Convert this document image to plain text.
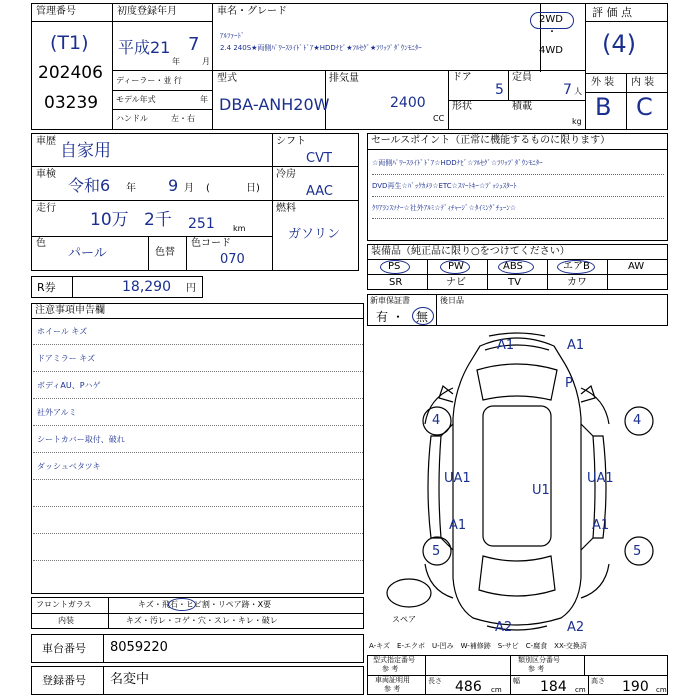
管理番号
(T1)
202406
03239
初度登録年月
平成21
年
7
月
車名・グレード
ｱﾙﾌｧｰﾄﾞ
2.4 240S★両側ﾊﾟﾜｰｽﾗｲﾄﾞﾄﾞｱ★HDDﾅﾋﾞ★ﾌﾙｾｸﾞ★ﾌﾘｯﾌﾟﾀﾞｳﾝﾓﾆﾀｰ
2WD
・
4WD
評 価 点
(4)
ディーラー・並 行
モデル年式	年
ハンドル	左・右
型式
DBA-ANH20W
排気量
2400
CC
ドア
5
定員
7 人
形状	積載
kg
外 装 内 装
B C
車歴 自家用
車検
令和6 年 9 月 (	日)
走行
10万 2千 251 km
色
パール	色替
色コード
070
シフト
CVT
冷房
AAC
燃料
ガソリン
R券	18,290 円
セールスポイント（正常に機能するものに限ります）
☆両側ﾊﾟﾜｰｽﾗｲﾄﾞﾄﾞｱ☆HDDﾅﾋﾞ☆ﾌﾙｾｸﾞ☆ﾌﾘｯﾌﾟﾀﾞｳﾝﾓﾆﾀｰ
DVD再生☆ﾊﾞｯｸｶﾒﾗ☆ETC☆ｽﾏｰﾄｷｰ☆ﾌﾟｯｼｭｽﾀｰﾄ
ｸﾘｱﾗﾝｽｿﾅｰ☆社外ｱﾙﾐ☆ﾃﾞｨﾁｬｰｼﾞ☆ﾀｲﾐﾝｸﾞﾁｪｰﾝ☆
装備品（純正品に限り○をつけてください）
PS	PW	ABS	エアB	AW
SR	ナビ	TV	カワ
新車保証書
有 ・ 無
後日品
注意事項申告欄
ホイール キズ
ドアミラー キズ
ボディAU、Pハゲ
社外アルミ
シートカバー取付、破れ
ダッシュベタツキ
フロントガラス	キズ・飛石・ヒビ割・リペア跡・X要
内装	キズ・汚レ・コゲ・穴・スレ・キレ・破レ
車台番号 8059220
登録番号 名変中
A1	A1
P
4	4
UA1	UA1
U1
A1	A1
5	5
A2	A2
スペア
A-キズ　E-エクボ　U-凹み　W-補修跡　S-サビ　C-腐食　XX-交換済
型式指定番号
参 考
類別区分番号
参 考
車両証明用
参 考
長さ 486 cm
幅 184 cm
高さ 190 cm
